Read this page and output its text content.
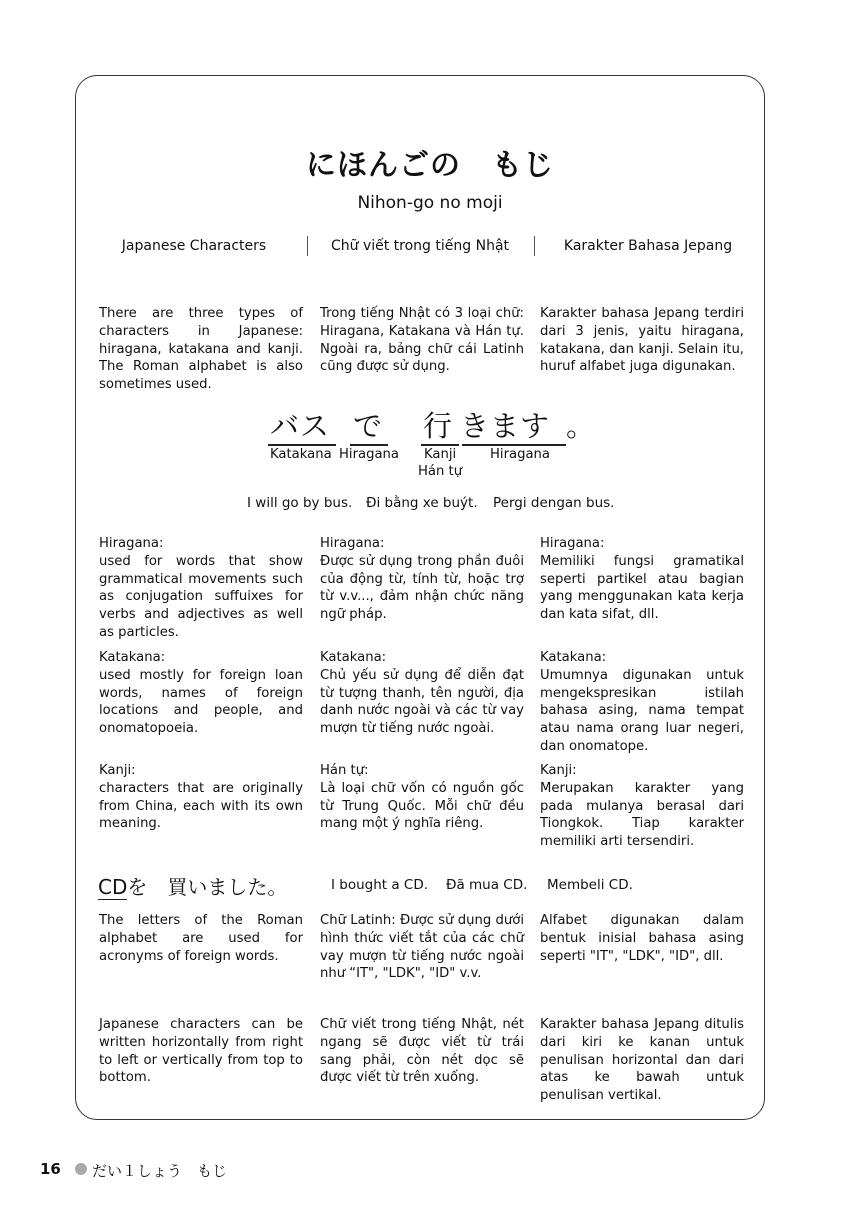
にほんごの　もじ
Nihon-go no moji
Japanese Characters	Chữ viết trong tiếng Nhật	Karakter Bahasa Jepang
There are three types of characters in Japanese: hiragana, katakana and kanji. The Roman alphabet is also sometimes used.
Trong tiếng Nhật có 3 loại chữ: Hiragana, Katakana và Hán tự. Ngoài ra, bảng chữ cái Latinh cũng được sử dụng.
Karakter bahasa Jepang terdiri dari 3 jenis, yaitu hiragana, katakana, dan kanji. Selain itu, huruf alfabet juga digunakan.
バス で 行 きます 。
Katakana Hiragana Kanji
Hán tự
Hiragana
I will go by bus. Đi bằng xe buýt. Pergi dengan bus.
Hiragana:
used for words that show grammatical movements such as conjugation suffuixes for verbs and adjectives as well as particles.
Hiragana:
Được sử dụng trong phần đuôi của động từ, tính từ, hoặc trợ từ v.v..., đảm nhận chức năng ngữ pháp.
Hiragana:
Memiliki fungsi gramatikal seperti partikel atau bagian yang menggunakan kata kerja dan kata sifat, dll.
Katakana:
used mostly for foreign loan words, names of foreign locations and people, and onomatopoeia.
Katakana:
Chủ yếu sử dụng để diễn đạt từ tượng thanh, tên người, địa danh nước ngoài và các từ vay mượn từ tiếng nước ngoài.
Katakana:
Umumnya digunakan untuk mengekspresikan istilah bahasa asing, nama tempat atau nama orang luar negeri, dan onomatope.
Kanji:
characters that are originally from China, each with its own meaning.
Hán tự:
Là loại chữ vốn có nguồn gốc từ Trung Quốc. Mỗi chữ đều mang một ý nghĩa riêng.
Kanji:
Merupakan karakter yang pada mulanya berasal dari Tiongkok. Tiap karakter memiliki arti tersendiri.
CDを　買いました。	I bought a CD. Đã mua CD. Membeli CD.
The letters of the Roman alphabet are used for acronyms of foreign words.
Chữ Latinh: Được sử dụng dưới hình thức viết tắt của các chữ vay mượn từ tiếng nước ngoài như “IT", "LDK", "ID" v.v.
Alfabet digunakan dalam bentuk inisial bahasa asing seperti "IT", "LDK", "ID", dll.
Japanese characters can be written horizontally from right to left or vertically from top to bottom.
Chữ viết trong tiếng Nhật, nét ngang sẽ được viết từ trái sang phải, còn nét dọc sẽ được viết từ trên xuống.
Karakter bahasa Jepang ditulis dari kiri ke kanan untuk penulisan horizontal dan dari atas ke bawah untuk penulisan vertikal.
16 だい１しょう　もじ
